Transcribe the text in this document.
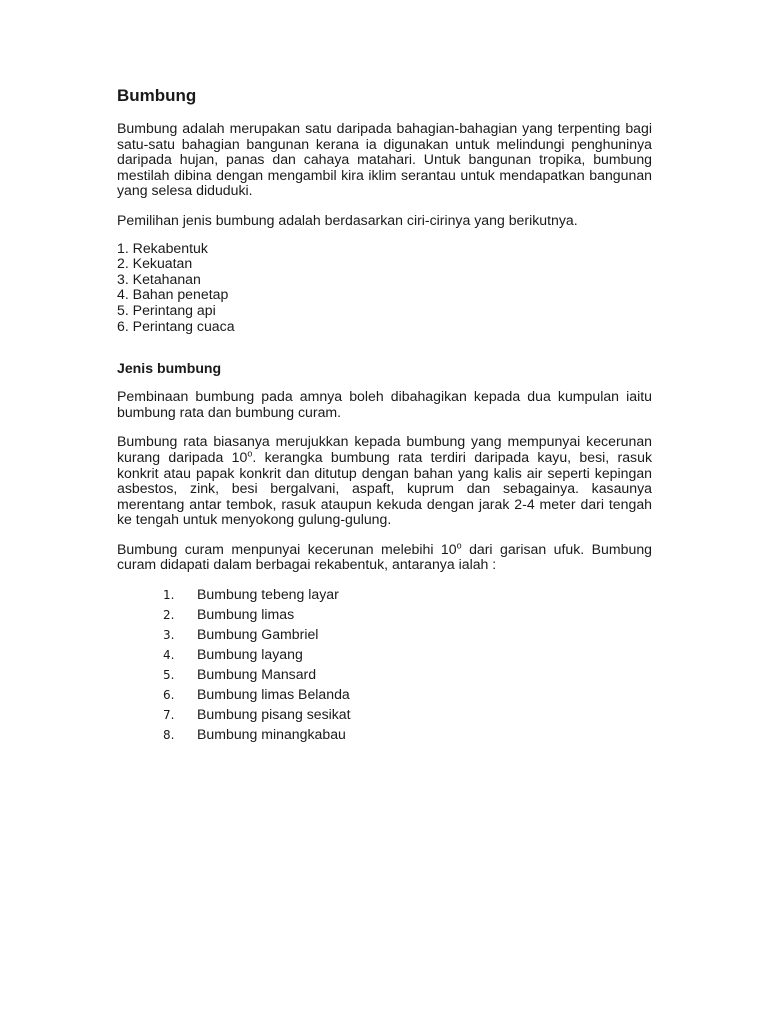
Bumbung

Bumbung adalah merupakan satu daripada bahagian-bahagian yang terpenting bagi satu-satu bahagian bangunan kerana ia digunakan untuk melindungi penghuninya daripada hujan, panas dan cahaya matahari. Untuk bangunan tropika, bumbung mestilah dibina dengan mengambil kira iklim serantau untuk mendapatkan bangunan yang selesa diduduki.

Pemilihan jenis bumbung adalah berdasarkan ciri-cirinya yang berikutnya.

1. Rekabentuk
2. Kekuatan
3. Ketahanan
4. Bahan penetap
5. Perintang api
6. Perintang cuaca
Jenis bumbung

Pembinaan bumbung pada amnya boleh dibahagikan kepada dua kumpulan iaitu bumbung rata dan bumbung curam.

Bumbung rata biasanya merujukkan kepada bumbung yang mempunyai kecerunan kurang daripada 10$^o$. kerangka bumbung rata terdiri daripada kayu, besi, rasuk konkrit atau papak konkrit dan ditutup dengan bahan yang kalis air seperti kepingan asbestos, zink, besi bergalvani, aspaft, kuprum dan sebagainya. kasaunya merentang antar tembok, rasuk ataupun kekuda dengan jarak 2-4 meter dari tengah ke tengah untuk menyokong gulung-gulung.

Bumbung curam menpunyai kecerunan melebihi 10$^o$ dari garisan ufuk. Bumbung curam didapati dalam berbagai rekabentuk, antaranya ialah :

1.	Bumbung tebeng layar
2.	Bumbung limas
3.	Bumbung Gambriel
4.	Bumbung layang
5.	Bumbung Mansard
6.	Bumbung limas Belanda
7.	Bumbung pisang sesikat
8.	Bumbung minangkabau
